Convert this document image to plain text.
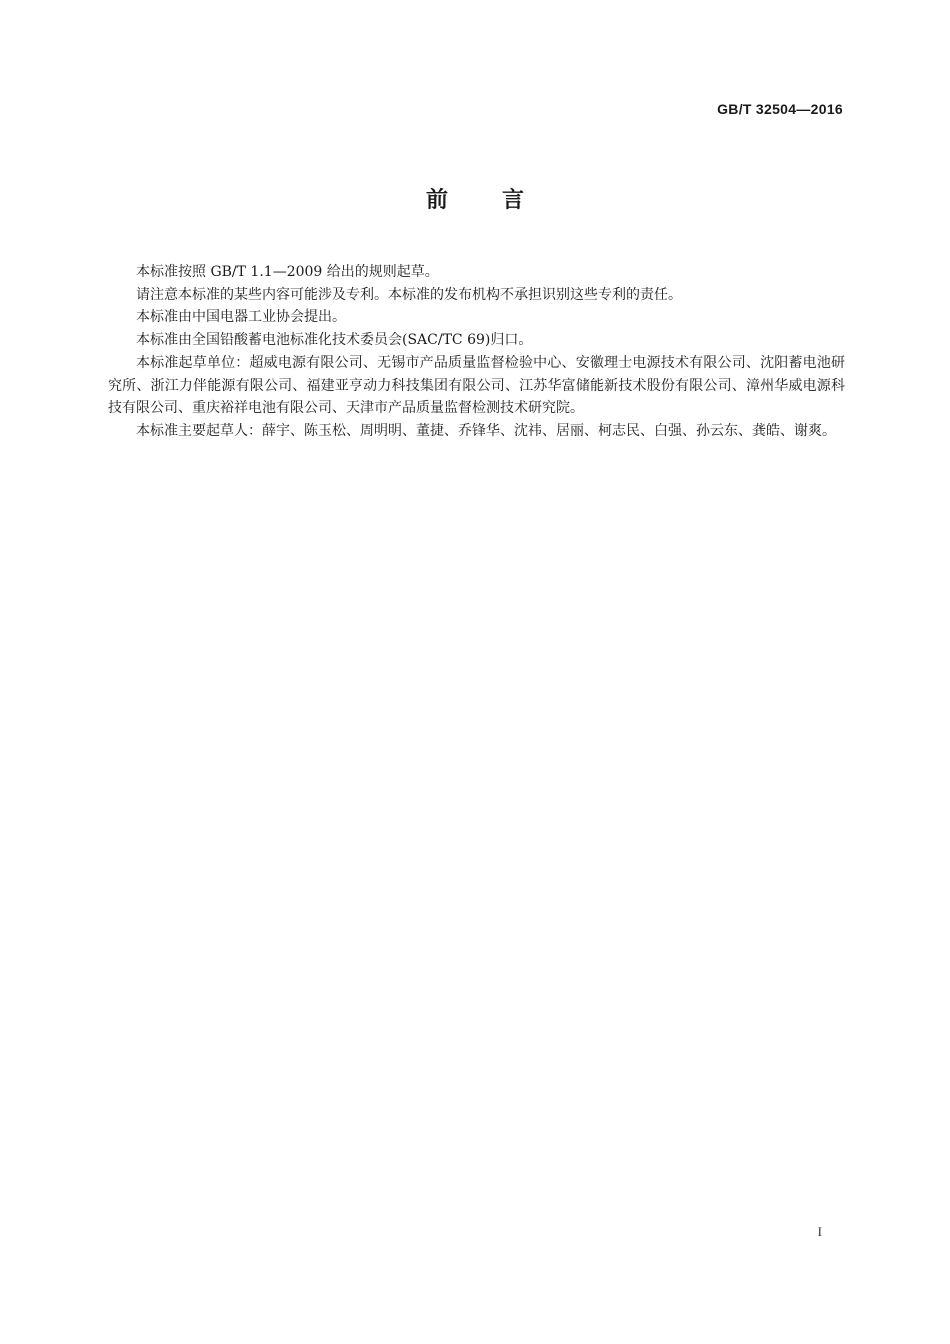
GB/T 32504—2016
前言

本标准按照 GB/T 1.1—2009 给出的规则起草。

请注意本标准的某些内容可能涉及专利。本标准的发布机构不承担识别这些专利的责任。

本标准由中国电器工业协会提出。

本标准由全国铅酸蓄电池标准化技术委员会(SAC/TC 69)归口。

本标准起草单位：超威电源有限公司、无锡市产品质量监督检验中心、安徽理士电源技术有限公司、沈阳蓄电池研究所、浙江力伴能源有限公司、福建亚亨动力科技集团有限公司、江苏华富储能新技术股份有限公司、漳州华威电源科技有限公司、重庆裕祥电池有限公司、天津市产品质量监督检测技术研究院。

本标准主要起草人：薛宇、陈玉松、周明明、董捷、乔锋华、沈祎、居丽、柯志民、白强、孙云东、龚皓、谢爽。

I
